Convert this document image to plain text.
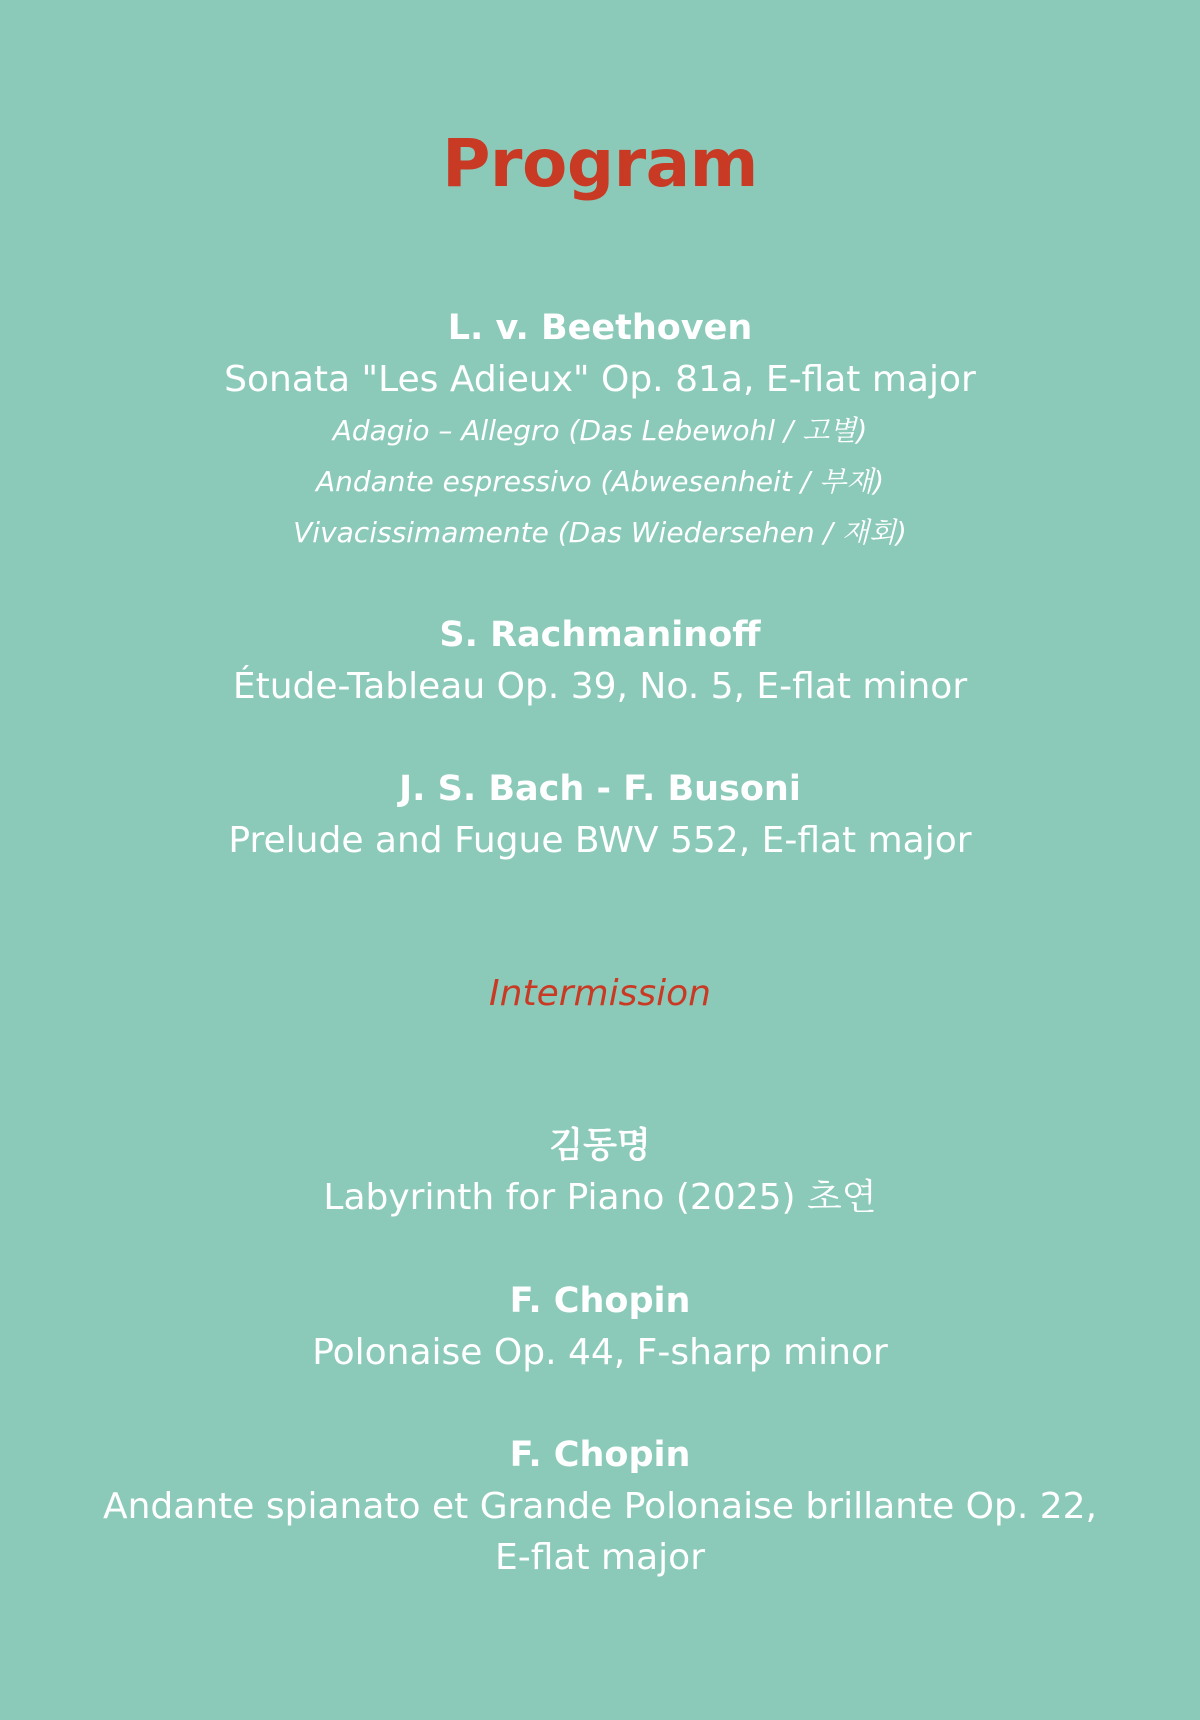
Program
L. v. Beethoven
Sonata "Les Adieux" Op. 81a, E-flat major
Adagio – Allegro (Das Lebewohl / 고별)
Andante espressivo (Abwesenheit / 부재)
Vivacissimamente (Das Wiedersehen / 재회)
S. Rachmaninoff
Étude-Tableau Op. 39, No. 5, E-flat minor
J. S. Bach - F. Busoni
Prelude and Fugue BWV 552, E-flat major
Intermission
김동명
Labyrinth for Piano (2025) 초연
F. Chopin
Polonaise Op. 44, F-sharp minor
F. Chopin
Andante spianato et Grande Polonaise brillante Op. 22,
E-flat major
